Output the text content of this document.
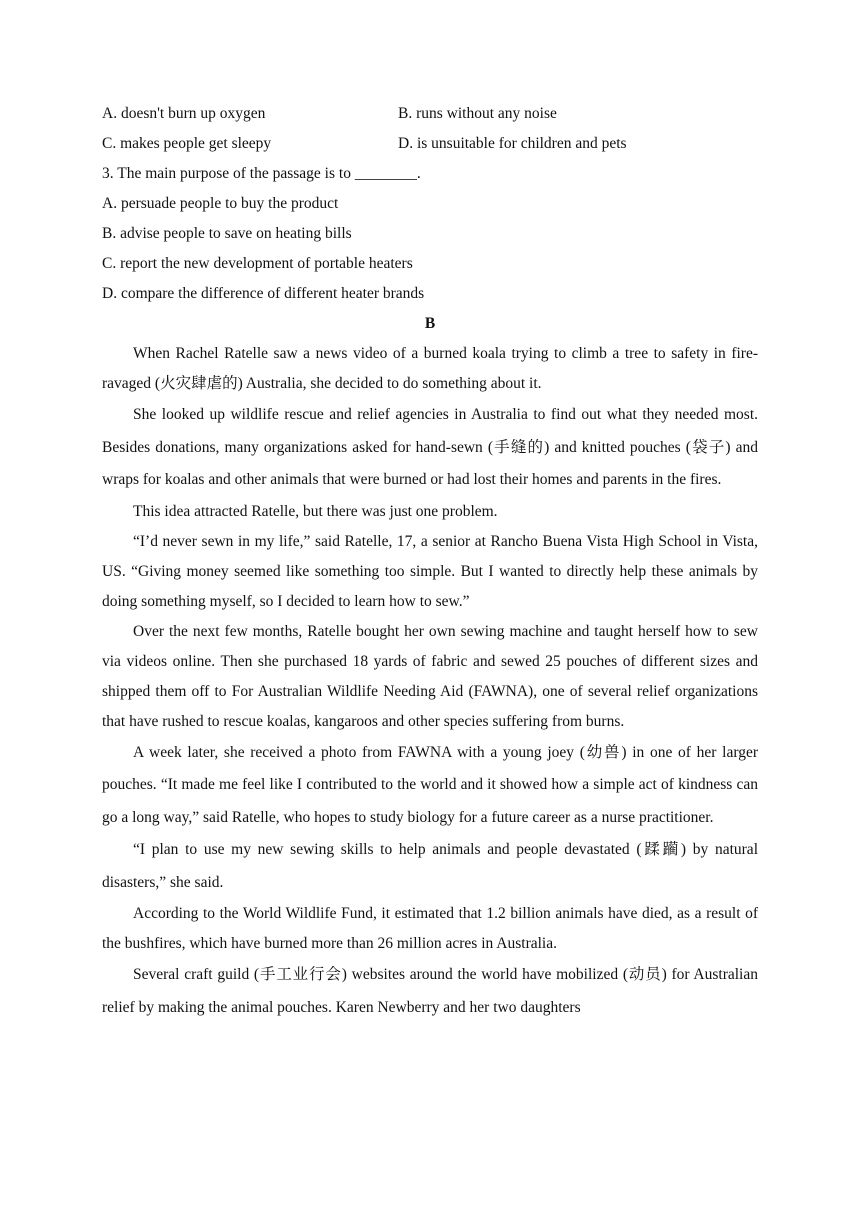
A. doesn't burn up oxygen	B. runs without any noise
C. makes people get sleepy	D. is unsuitable for children and pets
3. The main purpose of the passage is to ________.
A. persuade people to buy the product
B. advise people to save on heating bills
C. report the new development of portable heaters
D. compare the difference of different heater brands
B

When Rachel Ratelle saw a news video of a burned koala trying to climb a tree to safety in fire-ravaged (火灾肆虐的) Australia, she decided to do something about it.

She looked up wildlife rescue and relief agencies in Australia to find out what they needed most. Besides donations, many organizations asked for hand-sewn (手缝的) and knitted pouches (袋子) and wraps for koalas and other animals that were burned or had lost their homes and parents in the fires.

This idea attracted Ratelle, but there was just one problem.

“I’d never sewn in my life,” said Ratelle, 17, a senior at Rancho Buena Vista High School in Vista, US. “Giving money seemed like something too simple. But I wanted to directly help these animals by doing something myself, so I decided to learn how to sew.”

Over the next few months, Ratelle bought her own sewing machine and taught herself how to sew via videos online. Then she purchased 18 yards of fabric and sewed 25 pouches of different sizes and shipped them off to For Australian Wildlife Needing Aid (FAWNA), one of several relief organizations that have rushed to rescue koalas, kangaroos and other species suffering from burns.

A week later, she received a photo from FAWNA with a young joey (幼兽) in one of her larger pouches. “It made me feel like I contributed to the world and it showed how a simple act of kindness can go a long way,” said Ratelle, who hopes to study biology for a future career as a nurse practitioner.

“I plan to use my new sewing skills to help animals and people devastated (蹂躏) by natural disasters,” she said.

According to the World Wildlife Fund, it estimated that 1.2 billion animals have died, as a result of the bushfires, which have burned more than 26 million acres in Australia.

Several craft guild (手工业行会) websites around the world have mobilized (动员) for Australian relief by making the animal pouches. Karen Newberry and her two daughters
